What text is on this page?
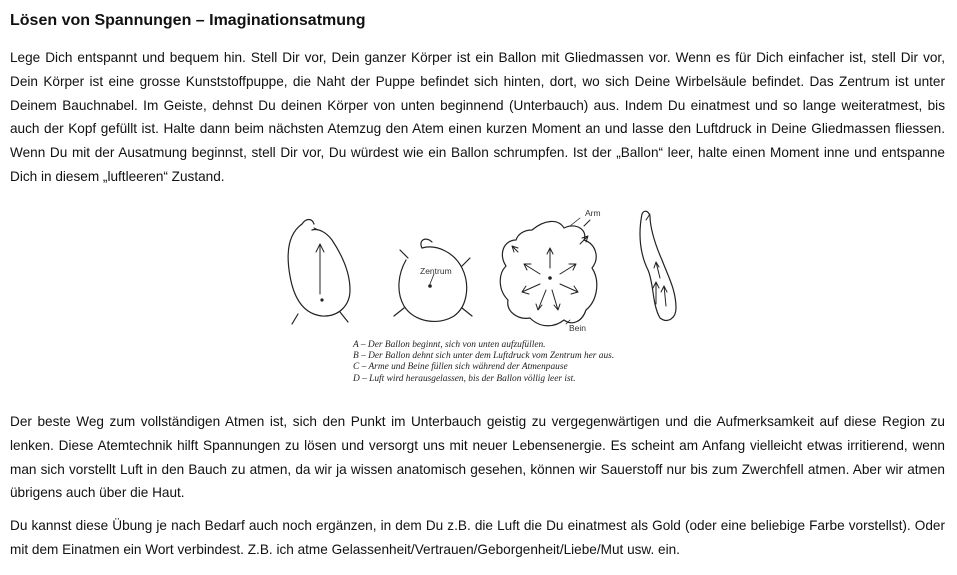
Lösen von Spannungen – Imaginationsatmung

Lege Dich entspannt und bequem hin. Stell Dir vor, Dein ganzer Körper ist ein Ballon mit Gliedmassen vor. Wenn es für Dich einfacher ist, stell Dir vor, Dein Körper ist eine grosse Kunststoffpuppe, die Naht der Puppe befindet sich hinten, dort, wo sich Deine Wirbelsäule befindet. Das Zentrum ist unter Deinem Bauchnabel. Im Geiste, dehnst Du deinen Körper von unten beginnend (Unterbauch) aus. Indem Du einatmest und so lange weiteratmest, bis auch der Kopf gefüllt ist. Halte dann beim nächsten Atemzug den Atem einen kurzen Moment an und lasse den Luftdruck in Deine Gliedmassen fliessen. Wenn Du mit der Ausatmung beginnst, stell Dir vor, Du würdest wie ein Ballon schrumpfen. Ist der „Ballon“ leer, halte einen Moment inne und entspanne Dich in diesem „luftleeren“ Zustand.

Zentrum
Arm
Bein
A – Der Ballon beginnt, sich von unten aufzufüllen.
B – Der Ballon dehnt sich unter dem Luftdruck vom Zentrum her aus.
C – Arme und Beine füllen sich während der Atmenpause
D – Luft wird herausgelassen, bis der Ballon völlig leer ist.

Der beste Weg zum vollständigen Atmen ist, sich den Punkt im Unterbauch geistig zu vergegenwärtigen und die Aufmerksamkeit auf diese Region zu lenken. Diese Atemtechnik hilft Spannungen zu lösen und versorgt uns mit neuer Lebensenergie. Es scheint am Anfang vielleicht etwas irritierend, wenn man sich vorstellt Luft in den Bauch zu atmen, da wir ja wissen anatomisch gesehen, können wir Sauerstoff nur bis zum Zwerchfell atmen. Aber wir atmen übrigens auch über die Haut.

Du kannst diese Übung je nach Bedarf auch noch ergänzen, in dem Du z.B. die Luft die Du einatmest als Gold (oder eine beliebige Farbe vorstellst). Oder mit dem Einatmen ein Wort verbindest. Z.B. ich atme Gelassenheit/Vertrauen/Geborgenheit/Liebe/Mut usw. ein.
